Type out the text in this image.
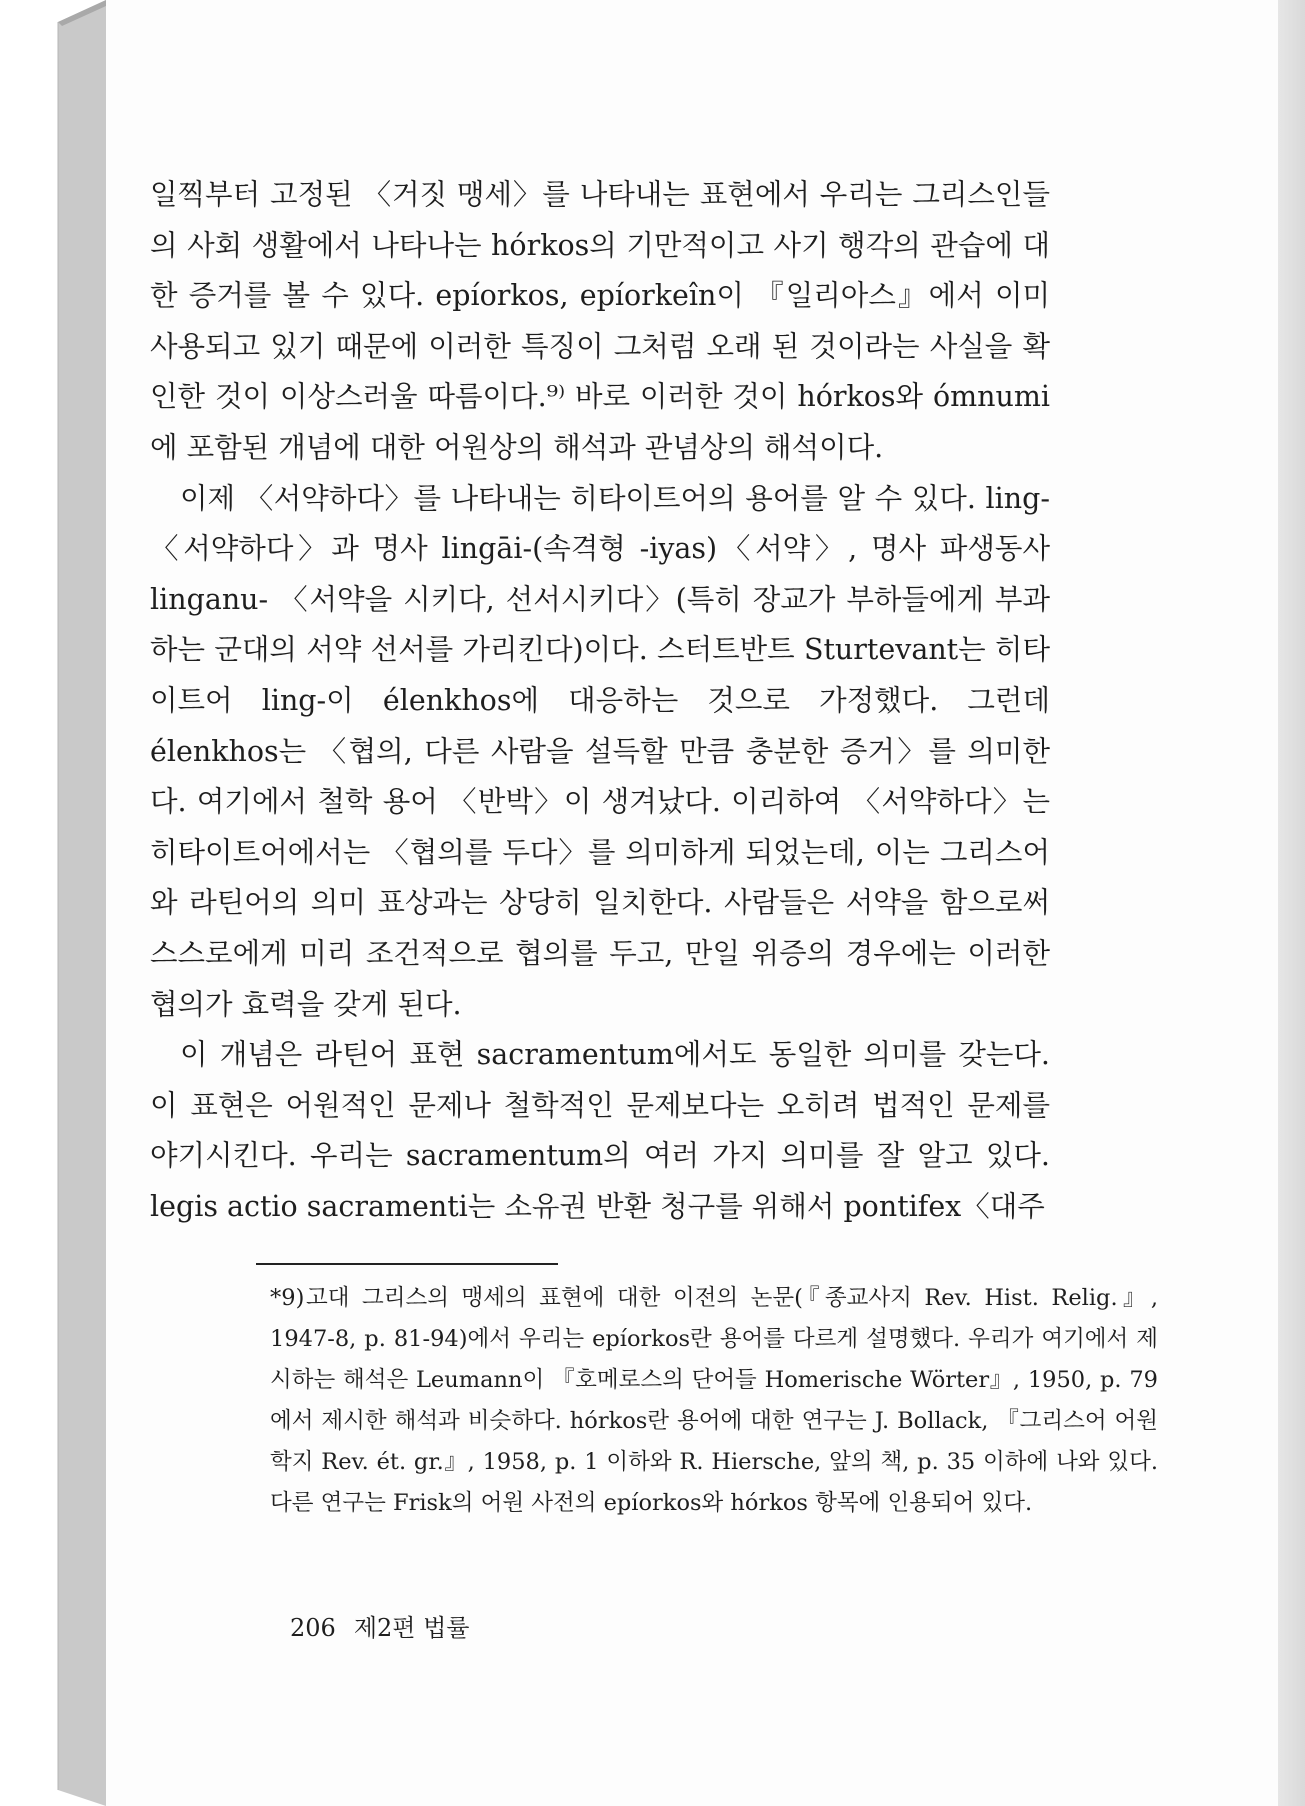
일찍부터 고정된 〈거짓 맹세〉를 나타내는 표현에서 우리는 그리스인들의 사회 생활에서 나타나는 hórkos의 기만적이고 사기 행각의 관습에 대한 증거를 볼 수 있다. epíorkos, epíorkeîn이 『일리아스』에서 이미 사용되고 있기 때문에 이러한 특징이 그처럼 오래 된 것이라는 사실을 확인한 것이 이상스러울 따름이다.⁹⁾ 바로 이러한 것이 hórkos와 ómnumi에 포함된 개념에 대한 어원상의 해석과 관념상의 해석이다.

이제 〈서약하다〉를 나타내는 히타이트어의 용어를 알 수 있다. ling- 〈서약하다〉과 명사 lingāi-(속격형 -iyas)〈서약〉, 명사 파생동사 linganu- 〈서약을 시키다, 선서시키다〉(특히 장교가 부하들에게 부과하는 군대의 서약 선서를 가리킨다)이다. 스터트반트 Sturtevant는 히타이트어 ling-이 élenkhos에 대응하는 것으로 가정했다. 그런데 élenkhos는 〈협의, 다른 사람을 설득할 만큼 충분한 증거〉를 의미한다. 여기에서 철학 용어 〈반박〉이 생겨났다. 이리하여 〈서약하다〉는 히타이트어에서는 〈협의를 두다〉를 의미하게 되었는데, 이는 그리스어와 라틴어의 의미 표상과는 상당히 일치한다. 사람들은 서약을 함으로써 스스로에게 미리 조건적으로 협의를 두고, 만일 위증의 경우에는 이러한 협의가 효력을 갖게 된다.

이 개념은 라틴어 표현 sacramentum에서도 동일한 의미를 갖는다. 이 표현은 어원적인 문제나 철학적인 문제보다는 오히려 법적인 문제를 야기시킨다. 우리는 sacramentum의 여러 가지 의미를 잘 알고 있다. legis actio sacramenti는 소유권 반환 청구를 위해서 pontifex〈대주

*9)고대 그리스의 맹세의 표현에 대한 이전의 논문(『종교사지 Rev. Hist. Relig.』, 1947-8, p. 81-94)에서 우리는 epíorkos란 용어를 다르게 설명했다. 우리가 여기에서 제시하는 해석은 Leumann이 『호메로스의 단어들 Homerische Wörter』, 1950, p. 79에서 제시한 해석과 비슷하다. hórkos란 용어에 대한 연구는 J. Bollack, 『그리스어 어원학지 Rev. ét. gr.』, 1958, p. 1 이하와 R. Hiersche, 앞의 책, p. 35 이하에 나와 있다. 다른 연구는 Frisk의 어원 사전의 epíorkos와 hórkos 항목에 인용되어 있다.
206 제2편 법률
